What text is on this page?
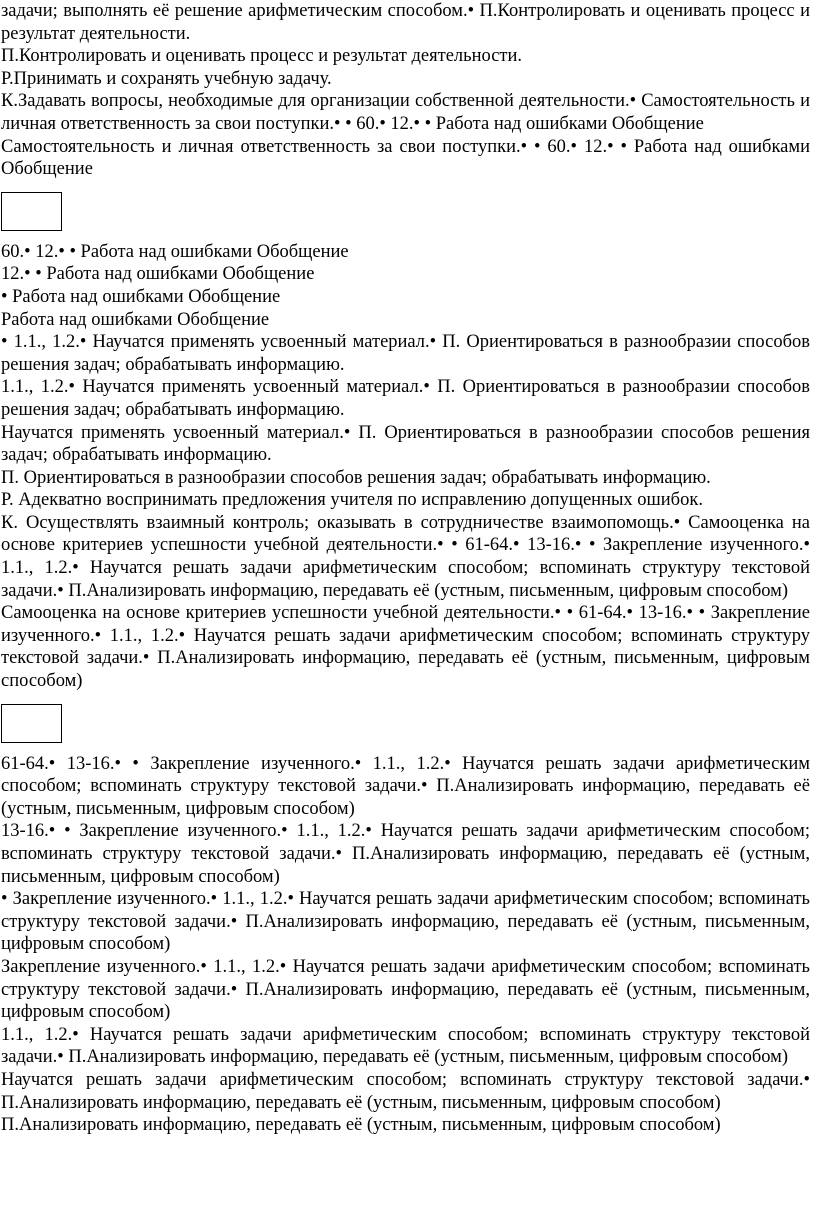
задачи; выполнять её решение арифметическим способом.• П.Контролировать и оценивать процесс и результат деятельности.

П.Контролировать и оценивать процесс и результат деятельности.

Р.Принимать и сохранять учебную задачу.

К.Задавать вопросы, необходимые для организации собственной деятельности.• Самостоятельность и личная ответственность за свои поступки.• • 60.• 12.• • Работа над ошибками Обобщение

Самостоятельность и личная ответственность за свои поступки.• • 60.• 12.• • Работа над ошибками Обобщение

60.• 12.• • Работа над ошибками Обобщение

12.• • Работа над ошибками Обобщение

• Работа над ошибками Обобщение

Работа над ошибками Обобщение

• 1.1., 1.2.• Научатся применять усвоенный материал.• П. Ориентироваться в разнообразии способов решения задач; обрабатывать информацию.

1.1., 1.2.• Научатся применять усвоенный материал.• П. Ориентироваться в разнообразии способов решения задач; обрабатывать информацию.

Научатся применять усвоенный материал.• П. Ориентироваться в разнообразии способов решения задач; обрабатывать информацию.

П. Ориентироваться в разнообразии способов решения задач; обрабатывать информацию.

Р. Адекватно воспринимать предложения учителя по исправлению допущенных ошибок.

К. Осуществлять взаимный контроль; оказывать в сотрудничестве взаимопомощь.• Самооценка на основе критериев успешности учебной деятельности.• • 61-64.• 13-16.• • Закрепление изученного.• 1.1., 1.2.• Научатся решать задачи арифметическим способом; вспоминать структуру текстовой задачи.• П.Анализировать информацию, передавать её (устным, письменным, цифровым способом)

Самооценка на основе критериев успешности учебной деятельности.• • 61-64.• 13-16.• • Закрепление изученного.• 1.1., 1.2.• Научатся решать задачи арифметическим способом; вспоминать структуру текстовой задачи.• П.Анализировать информацию, передавать её (устным, письменным, цифровым способом)

61-64.• 13-16.• • Закрепление изученного.• 1.1., 1.2.• Научатся решать задачи арифметическим способом; вспоминать структуру текстовой задачи.• П.Анализировать информацию, передавать её (устным, письменным, цифровым способом)

13-16.• • Закрепление изученного.• 1.1., 1.2.• Научатся решать задачи арифметическим способом; вспоминать структуру текстовой задачи.• П.Анализировать информацию, передавать её (устным, письменным, цифровым способом)

• Закрепление изученного.• 1.1., 1.2.• Научатся решать задачи арифметическим способом; вспоминать структуру текстовой задачи.• П.Анализировать информацию, передавать её (устным, письменным, цифровым способом)

Закрепление изученного.• 1.1., 1.2.• Научатся решать задачи арифметическим способом; вспоминать структуру текстовой задачи.• П.Анализировать информацию, передавать её (устным, письменным, цифровым способом)

1.1., 1.2.• Научатся решать задачи арифметическим способом; вспоминать структуру текстовой задачи.• П.Анализировать информацию, передавать её (устным, письменным, цифровым способом)

Научатся решать задачи арифметическим способом; вспоминать структуру текстовой задачи.• П.Анализировать информацию, передавать её (устным, письменным, цифровым способом)

П.Анализировать информацию, передавать её (устным, письменным, цифровым способом)
